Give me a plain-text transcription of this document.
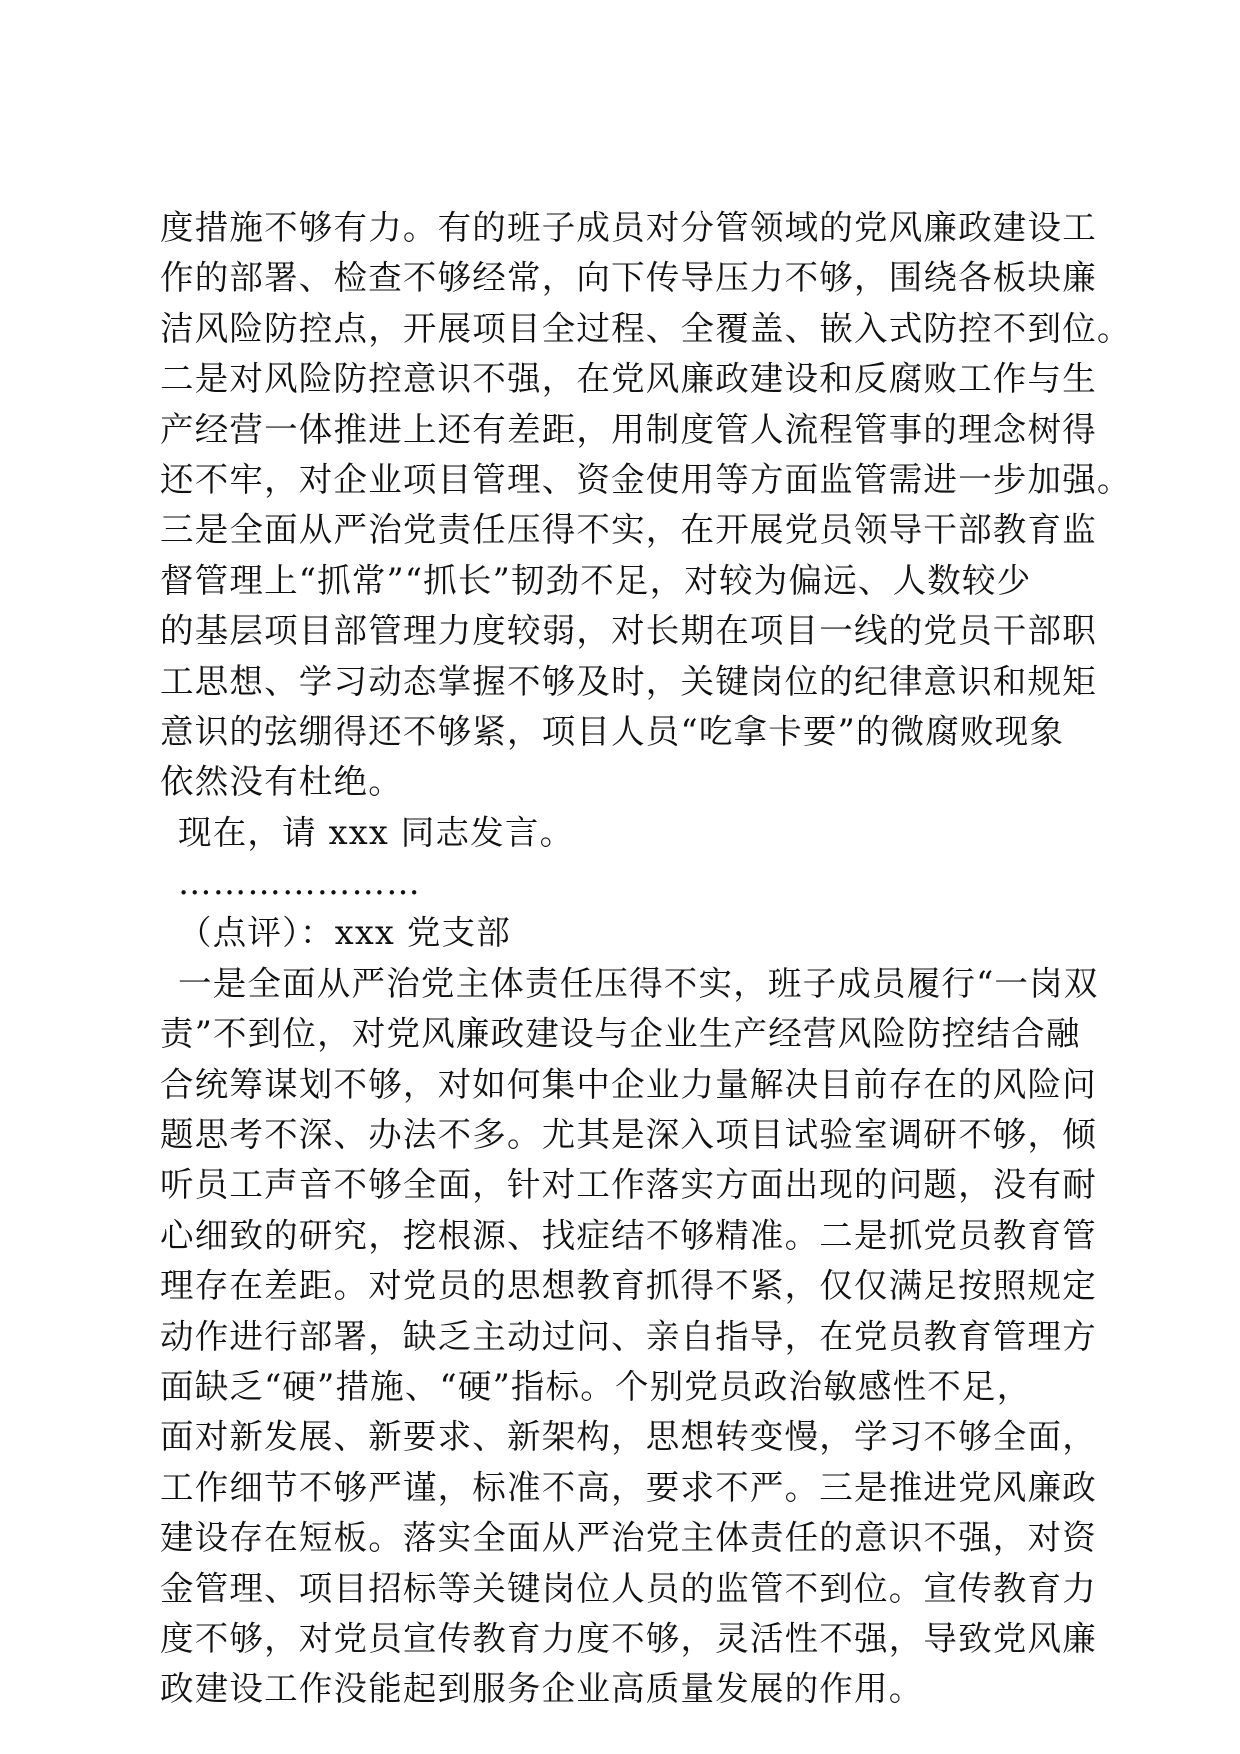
度措施不够有力。有的班子成员对分管领域的党风廉政建设工
作的部署、检查不够经常，向下传导压力不够，围绕各板块廉
洁风险防控点，开展项目全过程、全覆盖、嵌入式防控不到位。
二是对风险防控意识不强，在党风廉政建设和反腐败工作与生
产经营一体推进上还有差距，用制度管人流程管事的理念树得
还不牢，对企业项目管理、资金使用等方面监管需进一步加强。
三是全面从严治党责任压得不实，在开展党员领导干部教育监
督管理上“抓常”“抓长”韧劲不足，对较为偏远、人数较少
的基层项目部管理力度较弱，对长期在项目一线的党员干部职
工思想、学习动态掌握不够及时，关键岗位的纪律意识和规矩
意识的弦绷得还不够紧，项目人员“吃拿卡要”的微腐败现象
依然没有杜绝。
现在，请 xxx 同志发言。
…………………
（点评）：xxx 党支部
一是全面从严治党主体责任压得不实，班子成员履行“一岗双
责”不到位，对党风廉政建设与企业生产经营风险防控结合融
合统筹谋划不够，对如何集中企业力量解决目前存在的风险问
题思考不深、办法不多。尤其是深入项目试验室调研不够，倾
听员工声音不够全面，针对工作落实方面出现的问题，没有耐
心细致的研究，挖根源、找症结不够精准。二是抓党员教育管
理存在差距。对党员的思想教育抓得不紧，仅仅满足按照规定
动作进行部署，缺乏主动过问、亲自指导，在党员教育管理方
面缺乏“硬”措施、“硬”指标。个别党员政治敏感性不足，
面对新发展、新要求、新架构，思想转变慢，学习不够全面，
工作细节不够严谨，标准不高，要求不严。三是推进党风廉政
建设存在短板。落实全面从严治党主体责任的意识不强，对资
金管理、项目招标等关键岗位人员的监管不到位。宣传教育力
度不够，对党员宣传教育力度不够，灵活性不强，导致党风廉
政建设工作没能起到服务企业高质量发展的作用。
